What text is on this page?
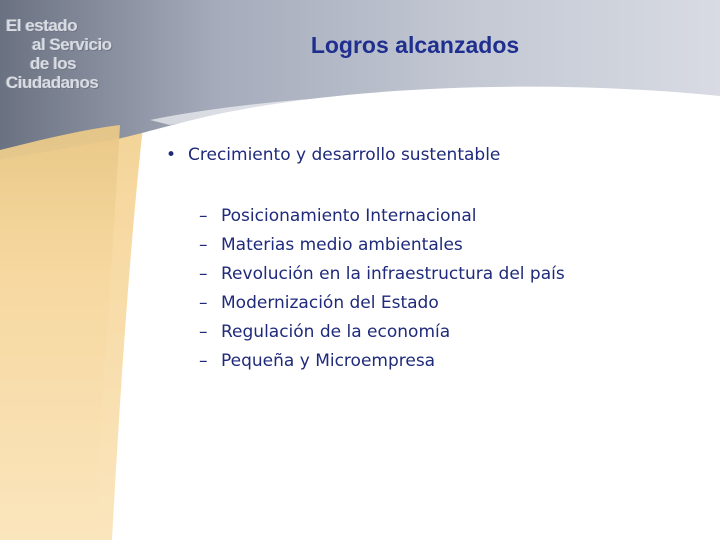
El estado
al Servicio
de los
Ciudadanos
Logros alcanzados
• Crecimiento y desarrollo sustentable
– Posicionamiento Internacional
– Materias medio ambientales
– Revolución en la infraestructura del país
– Modernización del Estado
– Regulación de la economía
– Pequeña y Microempresa
